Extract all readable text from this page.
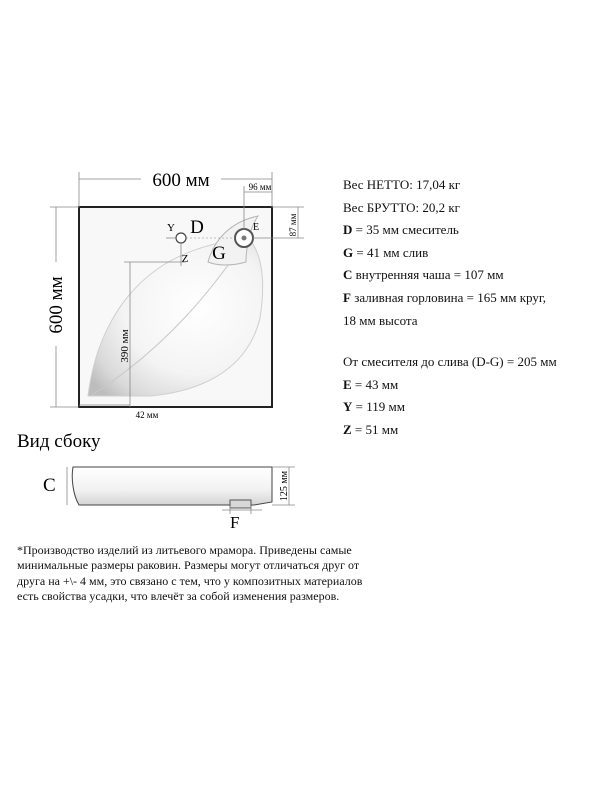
600 мм
600 мм
96 мм
87 мм
390 мм
42 мм
Y D
Z G
E
Вид сбоку
C
F
125 мм
Вес НЕТТО: 17,04 кг
Вес БРУТТО: 20,2 кг
D = 35 мм смеситель
G = 41 мм слив
C внутренняя чаша = 107 мм
F заливная горловина = 165 мм круг,
18 мм высота
От смесителя до слива (D-G) = 205 мм
E = 43 мм
Y = 119 мм
Z = 51 мм
*Производство изделий из литьевого мрамора. Приведены самые минимальные размеры раковин. Размеры могут отличаться друг от друга на +\- 4 мм, это связано с тем, что у композитных материалов есть свойства усадки, что влечёт за собой изменения размеров.
